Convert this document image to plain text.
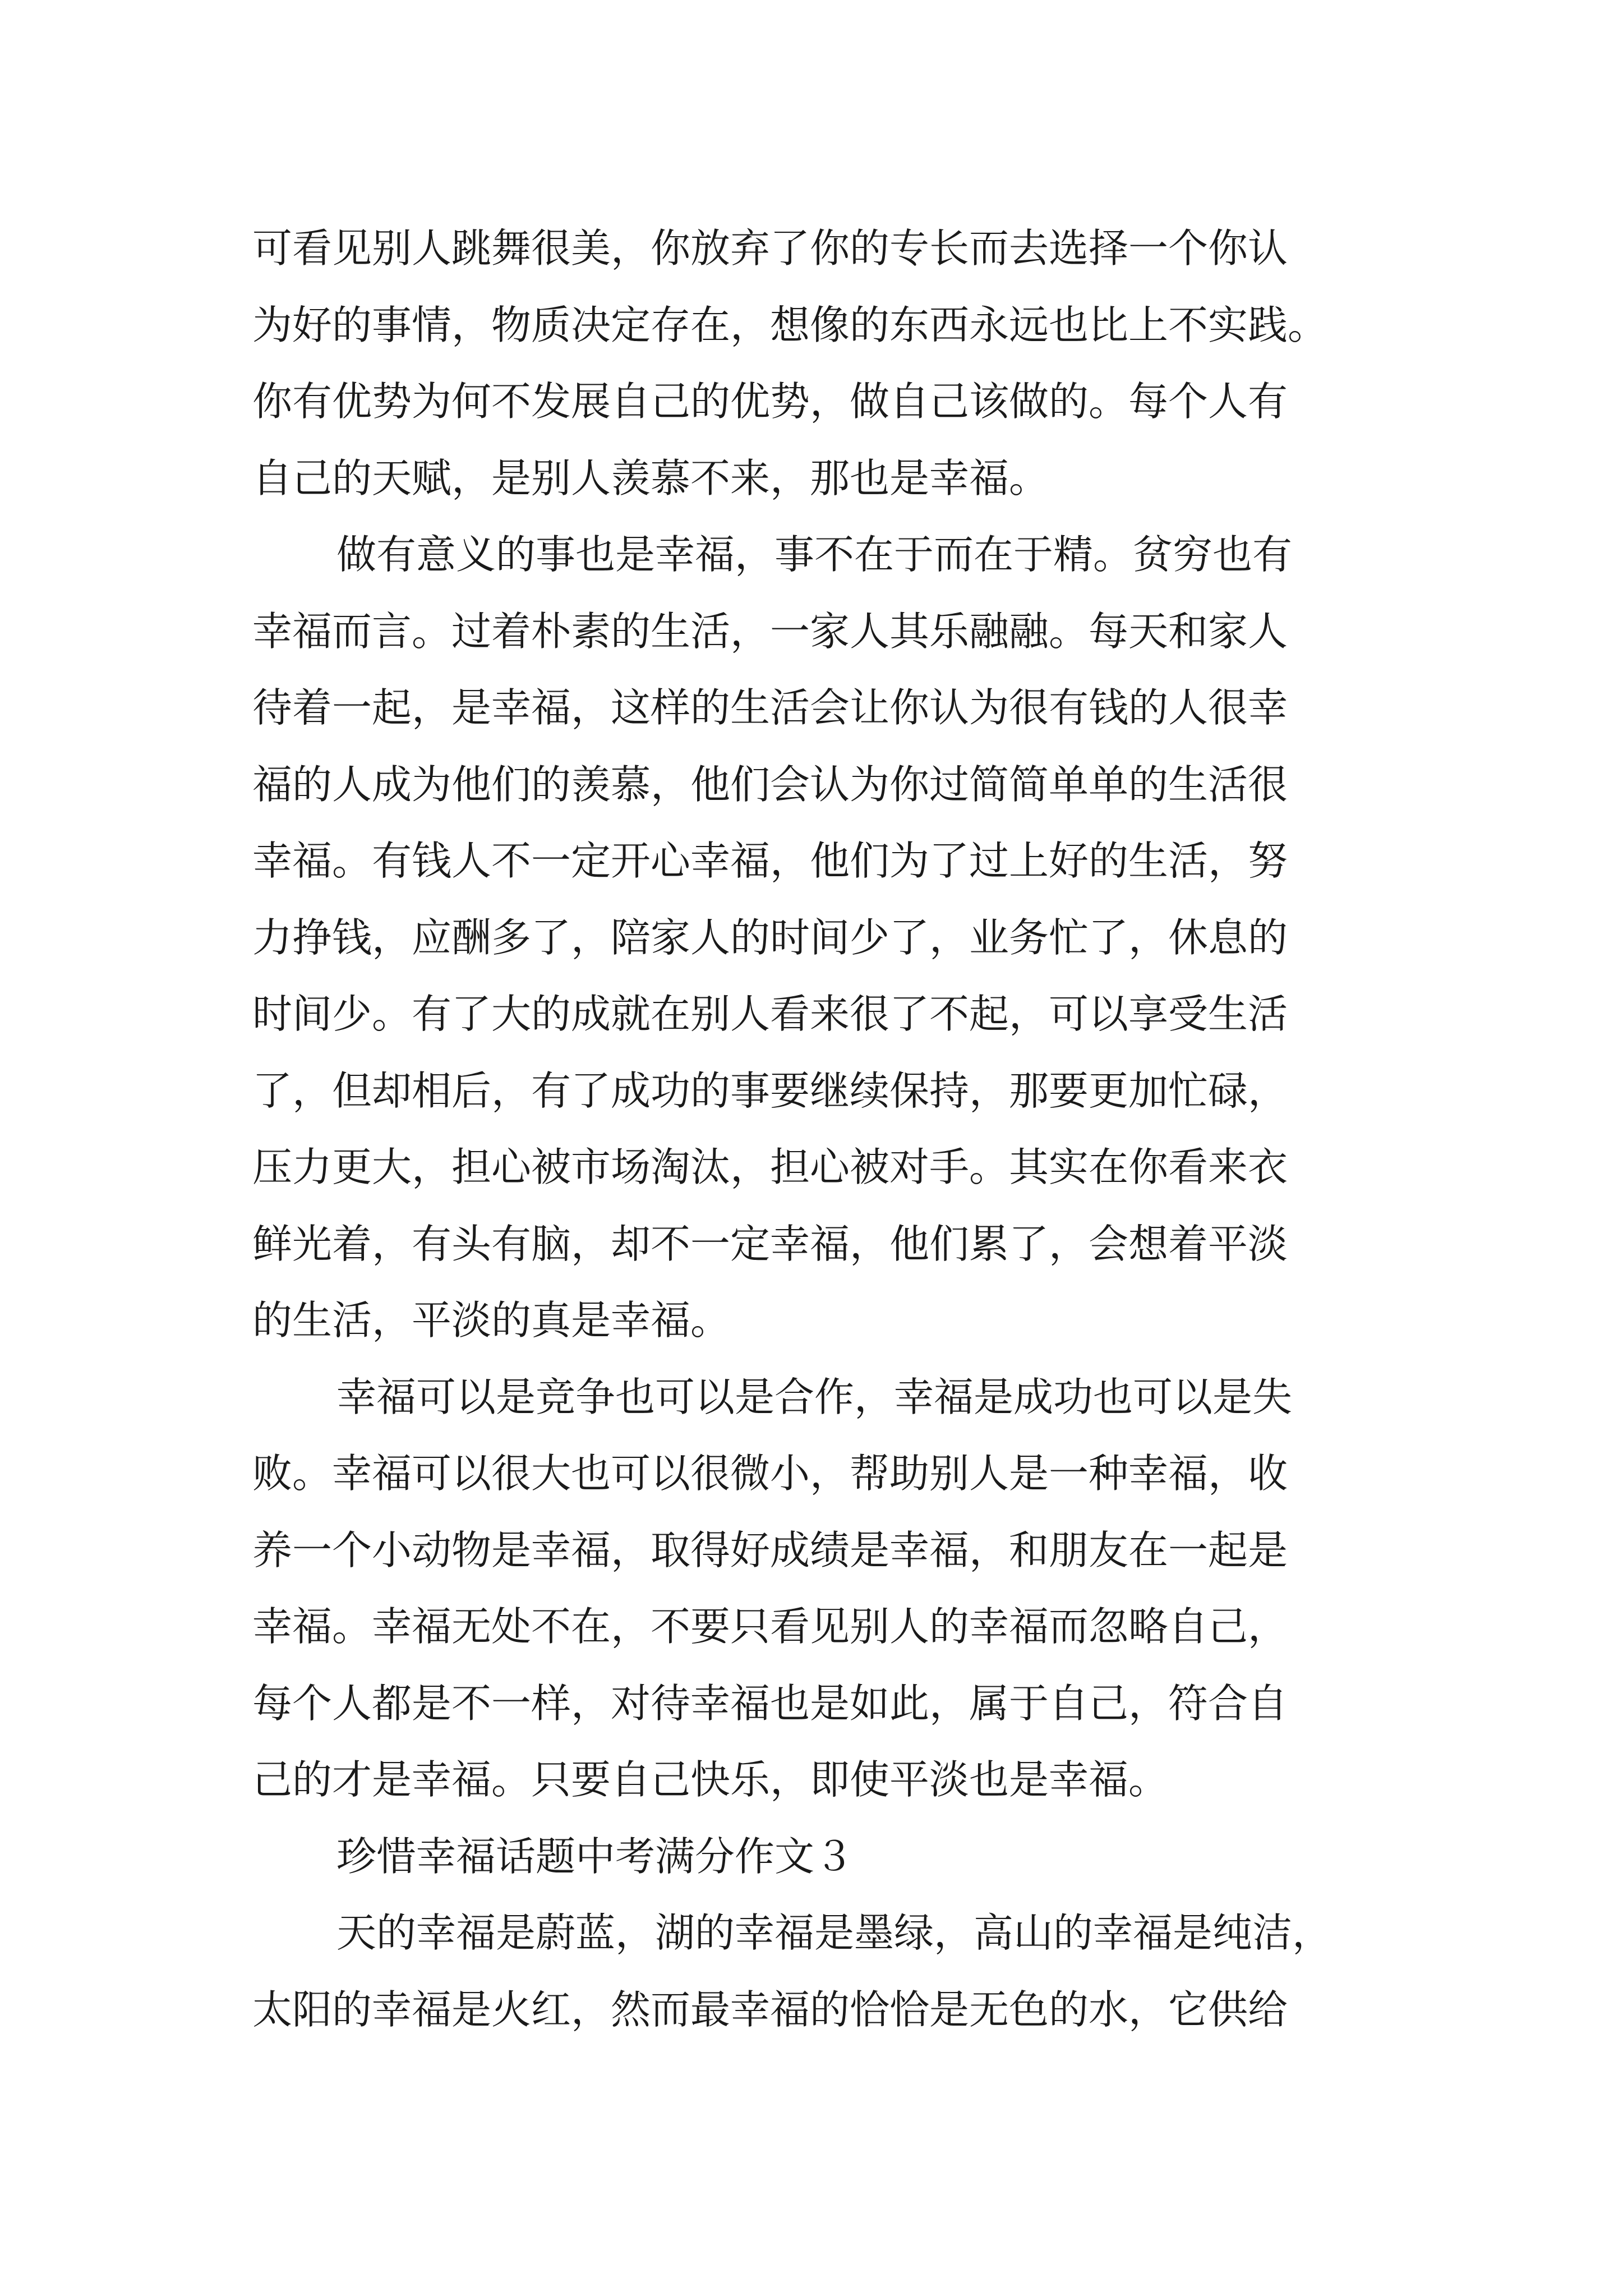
可看见别人跳舞很美，你放弃了你的专长而去选择一个你认

为好的事情，物质决定存在，想像的东西永远也比上不实践。

你有优势为何不发展自己的优势，做自己该做的。每个人有

自己的天赋，是别人羡慕不来，那也是幸福。

做有意义的事也是幸福，事不在于而在于精。贫穷也有

幸福而言。过着朴素的生活，一家人其乐融融。每天和家人

待着一起，是幸福，这样的生活会让你认为很有钱的人很幸

福的人成为他们的羡慕，他们会认为你过简简单单的生活很

幸福。有钱人不一定开心幸福，他们为了过上好的生活，努

力挣钱，应酬多了，陪家人的时间少了，业务忙了，休息的

时间少。有了大的成就在别人看来很了不起，可以享受生活

了，但却相后，有了成功的事要继续保持，那要更加忙碌，

压力更大，担心被市场淘汰，担心被对手。其实在你看来衣

鲜光着，有头有脑，却不一定幸福，他们累了，会想着平淡

的生活，平淡的真是幸福。

幸福可以是竞争也可以是合作，幸福是成功也可以是失

败。幸福可以很大也可以很微小，帮助别人是一种幸福，收

养一个小动物是幸福，取得好成绩是幸福，和朋友在一起是

幸福。幸福无处不在，不要只看见别人的幸福而忽略自己，

每个人都是不一样，对待幸福也是如此，属于自己，符合自

己的才是幸福。只要自己快乐，即使平淡也是幸福。

珍惜幸福话题中考满分作文３

天的幸福是蔚蓝，湖的幸福是墨绿，高山的幸福是纯洁，

太阳的幸福是火红，然而最幸福的恰恰是无色的水，它供给
